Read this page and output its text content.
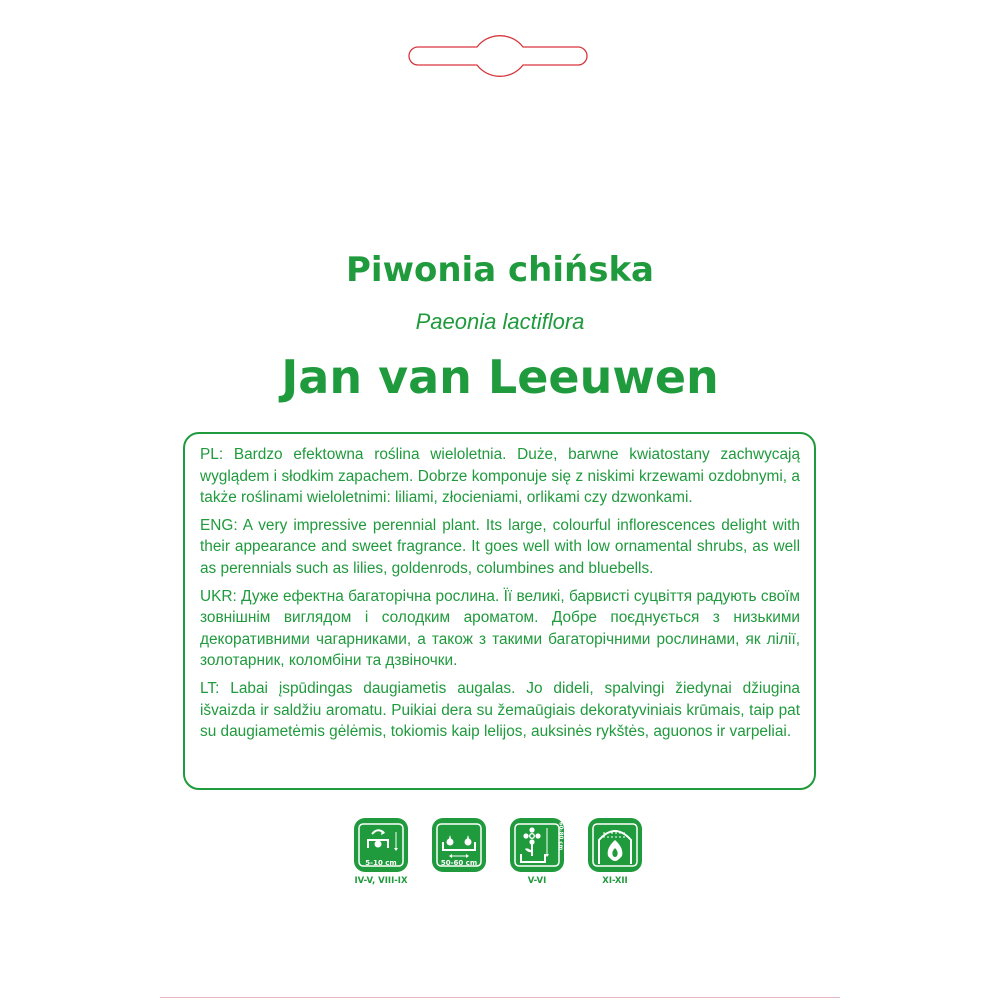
Piwonia chińska
Paeonia lactiflora
Jan van Leeuwen

PL: Bardzo efektowna roślina wieloletnia. Duże, barwne kwiatostany zachwycają wyglądem i słodkim zapachem. Dobrze komponuje się z niskimi krzewami ozdobnymi, a także roślinami wieloletnimi: liliami, złocieniami, orlikami czy dzwonkami.

ENG: A very impressive perennial plant. Its large, colourful inflorescences delight with their appearance and sweet fragrance. It goes well with low ornamental shrubs, as well as perennials such as lilies, goldenrods, columbines and bluebells.

UKR: Дуже ефектна багаторічна рослина. Її великі, барвисті суцвіття радують своїм зовнішнім виглядом і солодким ароматом. Добре поєднується з низькими декоративними чагарниками, а також з такими багаторічними рослинами, як лілії, золотарник, коломбіни та дзвіночки.

LT: Labai įspūdingas daugiametis augalas. Jo dideli, spalvingi žiedynai džiugina išvaizda ir saldžiu aromatu. Puikiai dera su žemaūgiais dekoratyviniais krūmais, taip pat su daugiametėmis gėlėmis, tokiomis kaip lelijos, auksinės rykštės, aguonos ir varpeliai.

5-10 cm
IV-V, VIII-IX
50-60 cm
60-80 cm
V-VI	XI-XII
